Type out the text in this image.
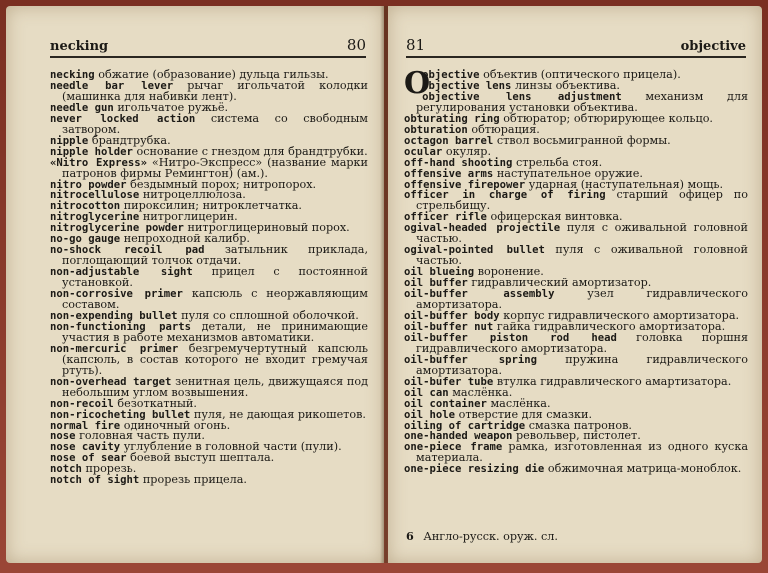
necking	80
necking обжатие (образование) дульца гильзы.
needle bar lever рычаг игольчатой колодки (машинка для набивки лент).
needle gun игольчатое ружьё.
never locked action система со свободным затвором.
nipple брандтрубка.
nipple holder основание с гнездом для брандтрубки.
«Nitro Express» «Нитро-Экспресс» (название марки патронов фирмы Ремингтон) (ам.).
nitro powder бездымный порох; нитропорох.
nitrocellulose нитроцеллюлоза.
nitrocotton пироксилин; нитроклетчатка.
nitroglycerine нитроглицерин.
nitroglycerine powder нитроглицериновый порох.
no-go gauge непроходной калибр.
no-shock recoil pad затыльник приклада, поглощающий толчок отдачи.
non-adjustable sight прицел с постоянной установкой.
non-corrosive primer капсюль с неоржавляющим составом.
non-expending bullet пуля со сплошной оболочкой.
non-functioning parts детали, не принимающие участия в работе механизмов автоматики.
non-mercuric primer безгремучертутный капсюль (капсюль, в состав которого не входит гремучая ртуть).
non-overhead target зенитная цель, движущаяся под небольшим углом возвышения.
non-recoil безоткатный.
non-ricocheting bullet пуля, не дающая рикошетов.
normal fire одиночный огонь.
nose головная часть пули.
nose cavity углубление в головной части (пули).
nose of sear боевой выступ шептала.
notch прорезь.
notch of sight прорезь прицела.
81	objective
O
objective объектив (оптического прицела).
objective lens линзы объектива.
objective lens adjustment механизм для регулирования установки объектива.
obturating ring обтюратор; обтюрирующее кольцо.
obturation обтюрация.
octagon barrel ствол восьмигранной формы.
ocular окуляр.
off-hand shooting стрельба стоя.
offensive arms наступательное оружие.
offensive firepower ударная (наступательная) мощь.
officer in charge of firing старший офицер по стрельбищу.
officer rifle офицерская винтовка.
ogival-headed projectile пуля с оживальной головной частью.
ogival-pointed bullet пуля с оживальной головной частью.
oil blueing воронение.
oil buffer гидравлический амортизатор.
oil-buffer assembly узел гидравлического амортизатора.
oil-buffer body корпус гидравлического амортизатора.
oil-buffer nut гайка гидравлического амортизатора.
oil-buffer piston rod head головка поршня гидравлического амортизатора.
oil-buffer spring пружина гидравлического амортизатора.
oil-bufer tube втулка гидравлического амартизатора.
oil can маслёнка.
oil container маслёнка.
oil hole отверстие для смазки.
oiling of cartridge смазка патронов.
one-handed weapon револьвер, пистолет.
one-piece frame рамка, изготовленная из одного куска материала.
one-piece resizing die обжимочная матрица-моноблок.
6 Англо-русск. оруж. сл.
